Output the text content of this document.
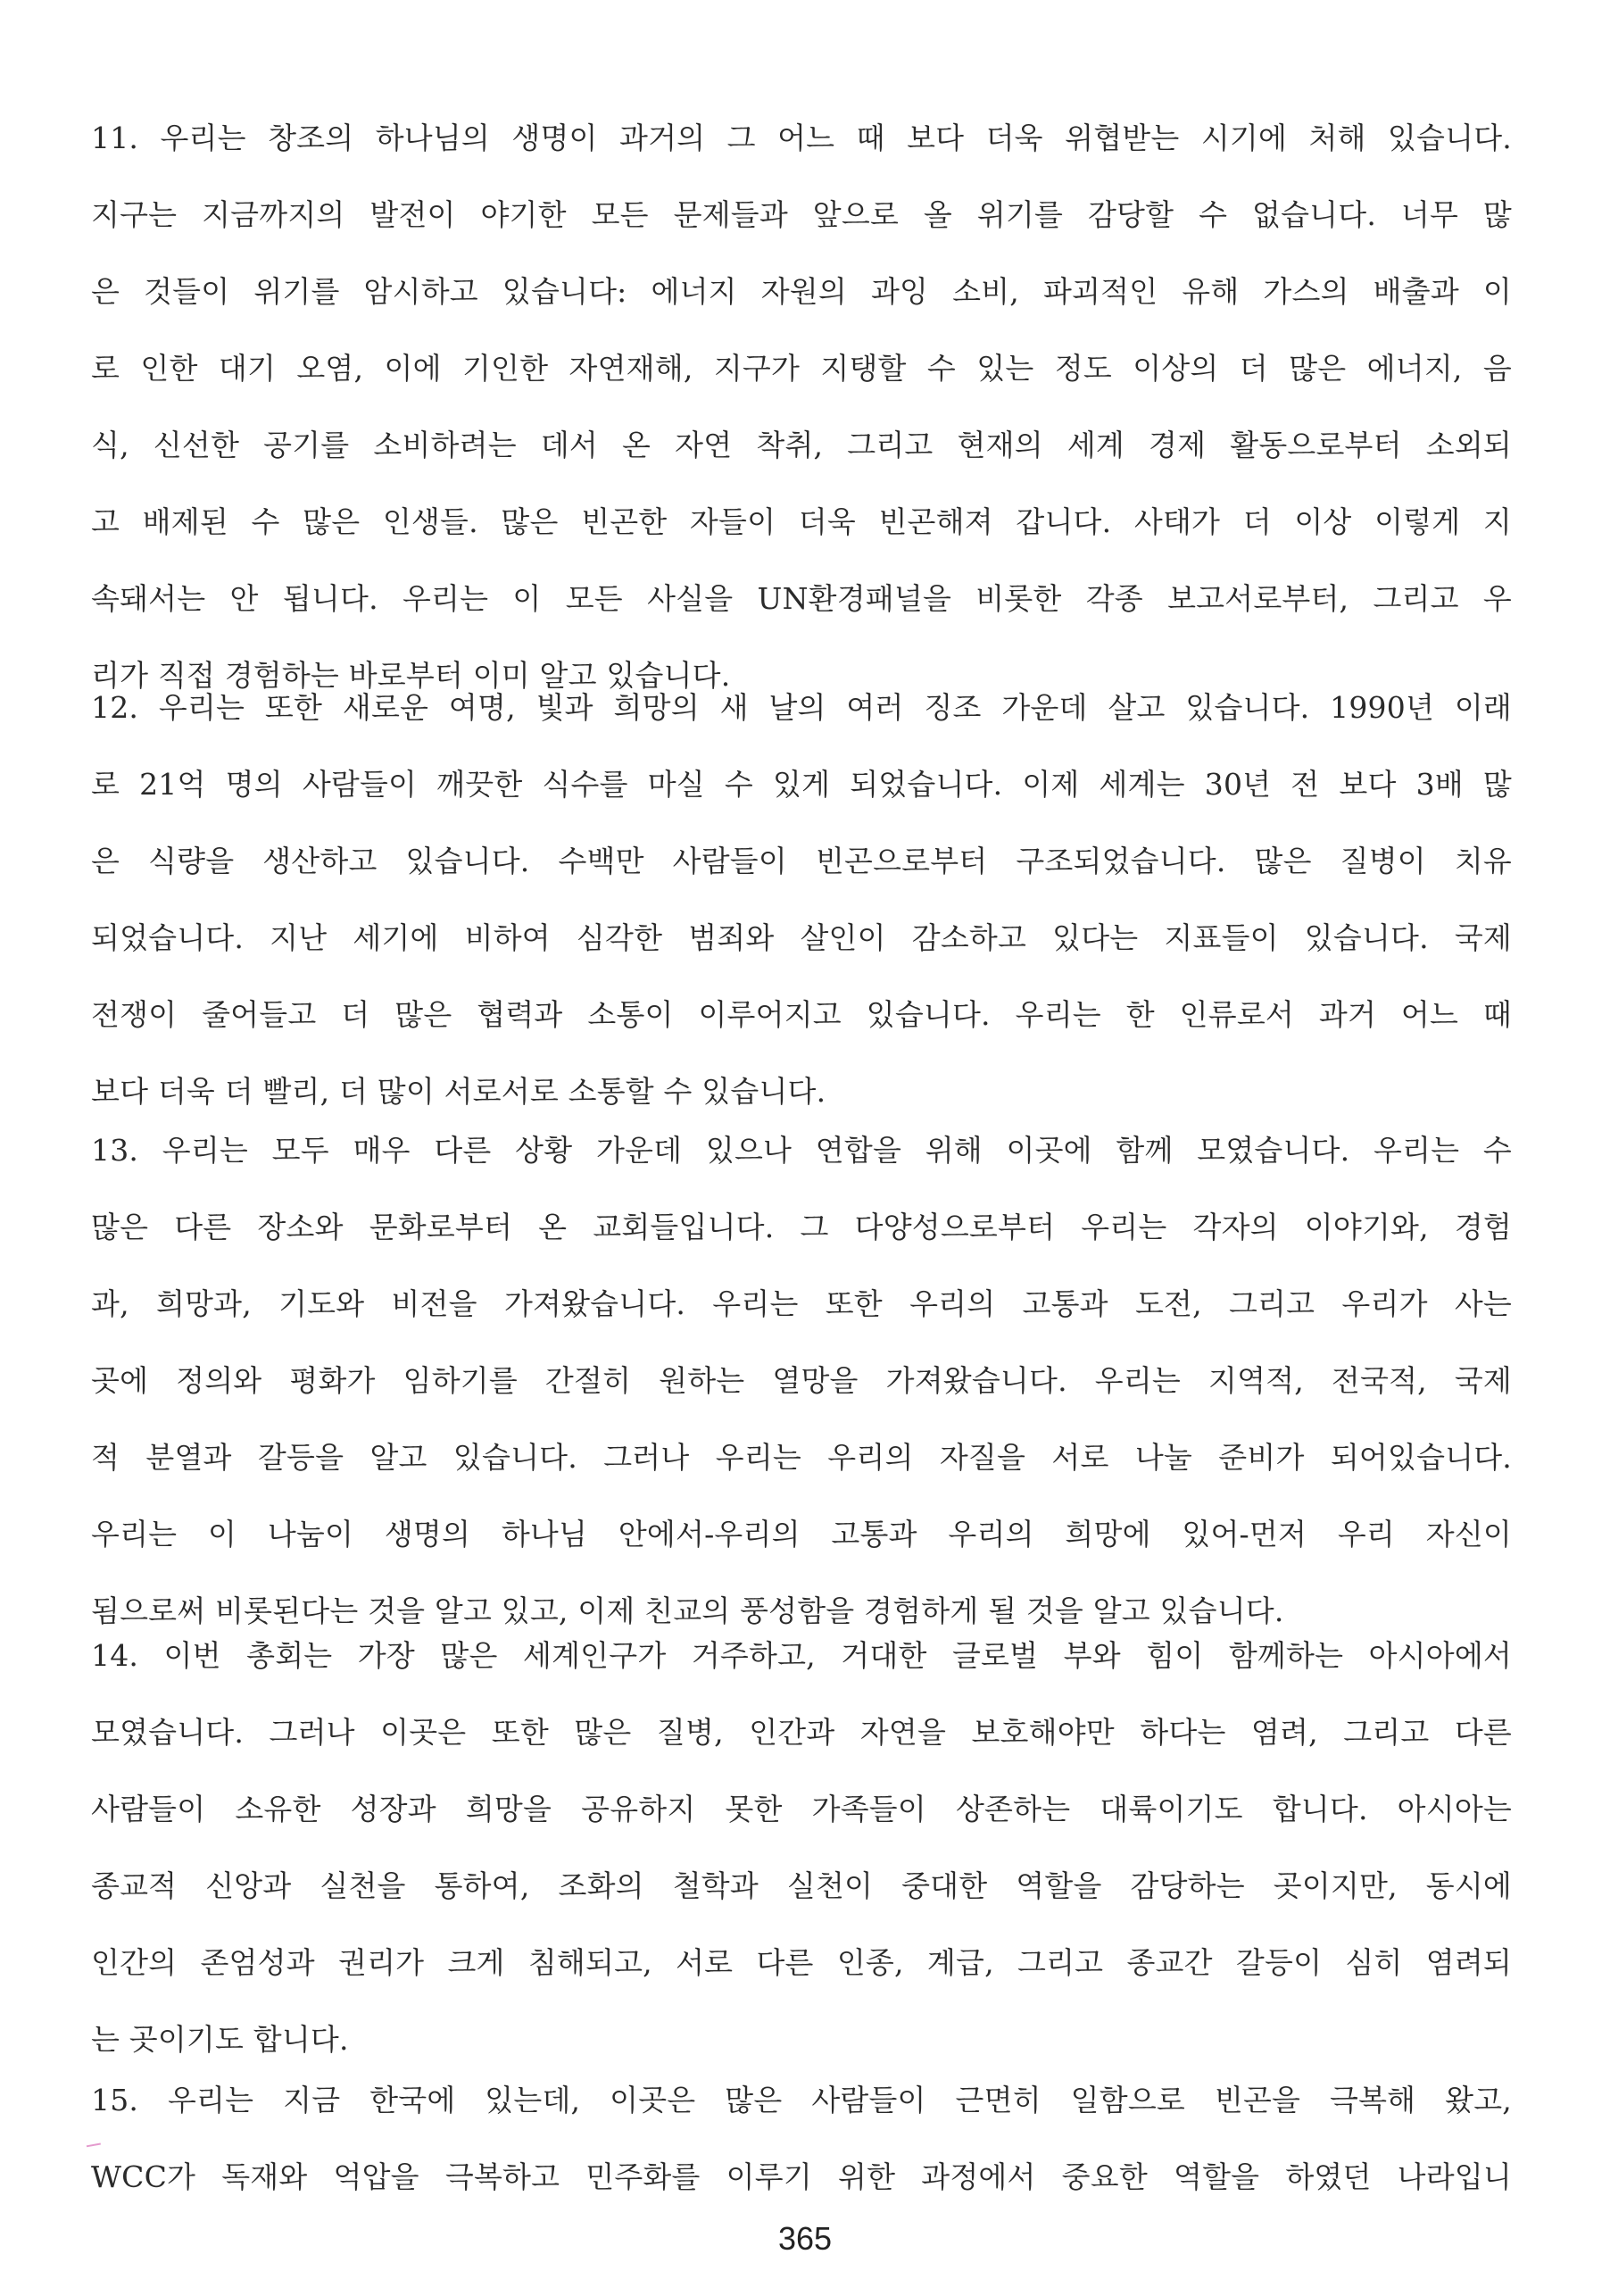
11. 우리는 창조의 하나님의 생명이 과거의 그 어느 때 보다 더욱 위협받는 시기에 처해 있습니다.
지구는 지금까지의 발전이 야기한 모든 문제들과 앞으로 올 위기를 감당할 수 없습니다. 너무 많
은 것들이 위기를 암시하고 있습니다: 에너지 자원의 과잉 소비, 파괴적인 유해 가스의 배출과 이
로 인한 대기 오염, 이에 기인한 자연재해, 지구가 지탱할 수 있는 정도 이상의 더 많은 에너지, 음
식, 신선한 공기를 소비하려는 데서 온 자연 착취, 그리고 현재의 세계 경제 활동으로부터 소외되
고 배제된 수 많은 인생들. 많은 빈곤한 자들이 더욱 빈곤해져 갑니다. 사태가 더 이상 이렇게 지
속돼서는 안 됩니다. 우리는 이 모든 사실을 UN환경패널을 비롯한 각종 보고서로부터, 그리고 우
리가 직접 경험하는 바로부터 이미 알고 있습니다.
12. 우리는 또한 새로운 여명, 빛과 희망의 새 날의 여러 징조 가운데 살고 있습니다. 1990년 이래
로 21억 명의 사람들이 깨끗한 식수를 마실 수 있게 되었습니다. 이제 세계는 30년 전 보다 3배 많
은 식량을 생산하고 있습니다. 수백만 사람들이 빈곤으로부터 구조되었습니다. 많은 질병이 치유
되었습니다. 지난 세기에 비하여 심각한 범죄와 살인이 감소하고 있다는 지표들이 있습니다. 국제
전쟁이 줄어들고 더 많은 협력과 소통이 이루어지고 있습니다. 우리는 한 인류로서 과거 어느 때
보다 더욱 더 빨리, 더 많이 서로서로 소통할 수 있습니다.
13. 우리는 모두 매우 다른 상황 가운데 있으나 연합을 위해 이곳에 함께 모였습니다. 우리는 수
많은 다른 장소와 문화로부터 온 교회들입니다. 그 다양성으로부터 우리는 각자의 이야기와, 경험
과, 희망과, 기도와 비전을 가져왔습니다. 우리는 또한 우리의 고통과 도전, 그리고 우리가 사는
곳에 정의와 평화가 임하기를 간절히 원하는 열망을 가져왔습니다. 우리는 지역적, 전국적, 국제
적 분열과 갈등을 알고 있습니다. 그러나 우리는 우리의 자질을 서로 나눌 준비가 되어있습니다.
우리는 이 나눔이 생명의 하나님 안에서-우리의 고통과 우리의 희망에 있어-먼저 우리 자신이
됨으로써 비롯된다는 것을 알고 있고, 이제 친교의 풍성함을 경험하게 될 것을 알고 있습니다.
14. 이번 총회는 가장 많은 세계인구가 거주하고, 거대한 글로벌 부와 힘이 함께하는 아시아에서
모였습니다. 그러나 이곳은 또한 많은 질병, 인간과 자연을 보호해야만 하다는 염려, 그리고 다른
사람들이 소유한 성장과 희망을 공유하지 못한 가족들이 상존하는 대륙이기도 합니다. 아시아는
종교적 신앙과 실천을 통하여, 조화의 철학과 실천이 중대한 역할을 감당하는 곳이지만, 동시에
인간의 존엄성과 권리가 크게 침해되고, 서로 다른 인종, 계급, 그리고 종교간 갈등이 심히 염려되
는 곳이기도 합니다.
15. 우리는 지금 한국에 있는데, 이곳은 많은 사람들이 근면히 일함으로 빈곤을 극복해 왔고,
WCC가 독재와 억압을 극복하고 민주화를 이루기 위한 과정에서 중요한 역할을 하였던 나라입니
365
